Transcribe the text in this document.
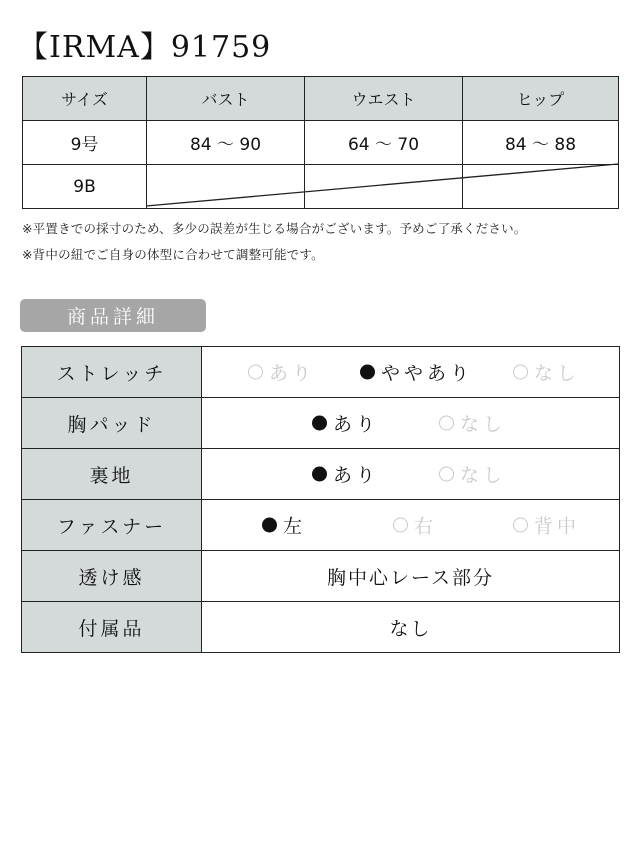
【IRMA】91759
サイズ	バスト	ウエスト	ヒップ
9号	84 〜 90	64 〜 70	84 〜 88
9B			
※平置きでの採寸のため、多少の誤差が生じる場合がございます。予めご了承ください。
※背中の紐でご自身の体型に合わせて調整可能です。
商品詳細
ストレッチ	あり ややあり なし

胸パッド	あり なし

裏地	あり なし

ファスナー	左 右 背中

透け感	胸中心レース部分
付属品	なし
